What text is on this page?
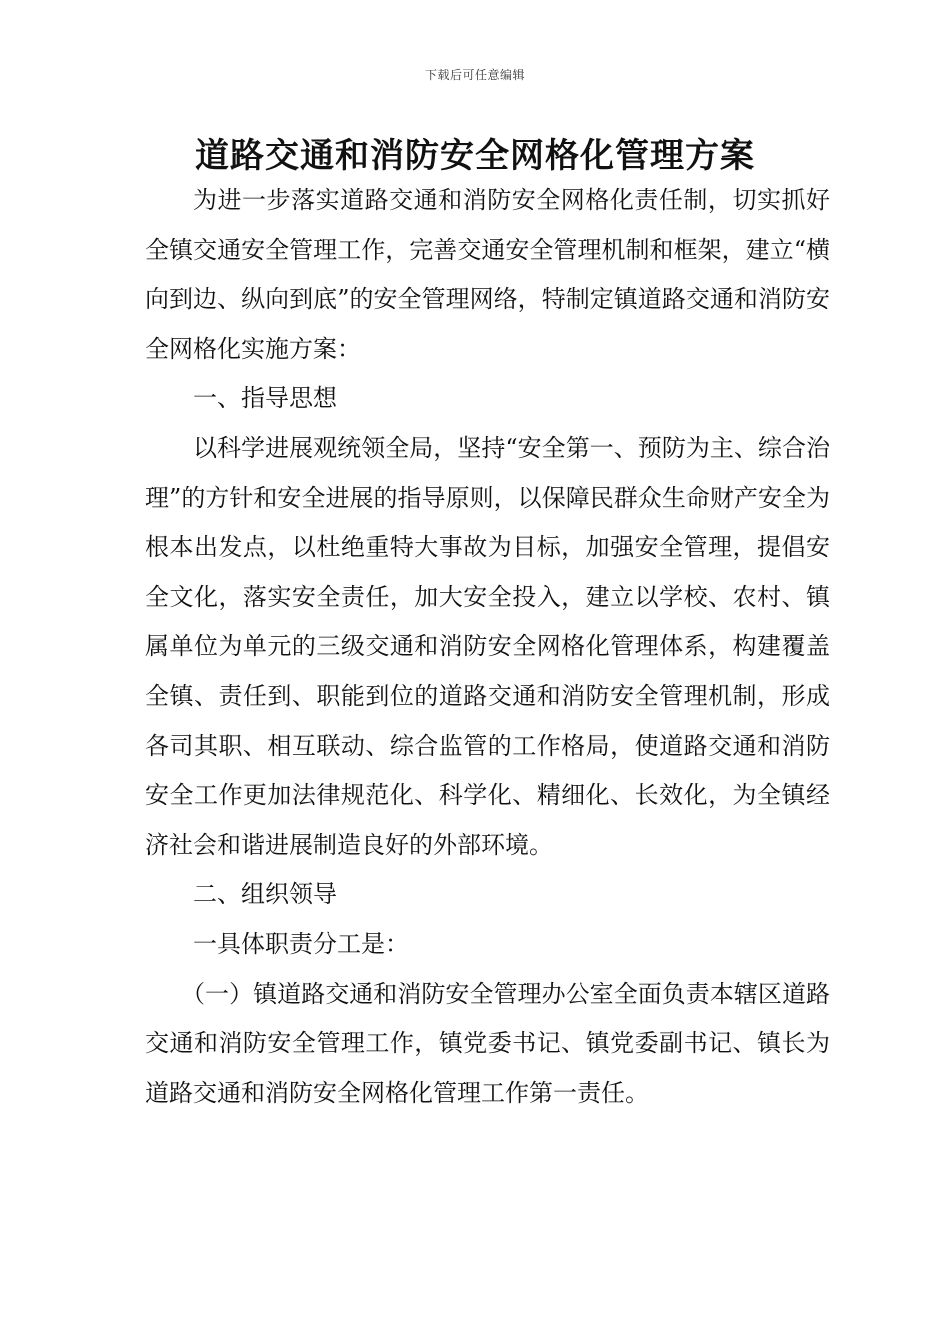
下载后可任意编辑
道路交通和消防安全网格化管理方案

为进一步落实道路交通和消防安全网格化责任制，切实抓好全镇交通安全管理工作，完善交通安全管理机制和框架，建立“横向到边、纵向到底”的安全管理网络，特制定镇道路交通和消防安全网格化实施方案：

一、指导思想

以科学进展观统领全局，坚持“安全第一、预防为主、综合治理”的方针和安全进展的指导原则，以保障民群众生命财产安全为根本出发点，以杜绝重特大事故为目标，加强安全管理，提倡安全文化，落实安全责任，加大安全投入，建立以学校、农村、镇属单位为单元的三级交通和消防安全网格化管理体系，构建覆盖全镇、责任到、职能到位的道路交通和消防安全管理机制，形成各司其职、相互联动、综合监管的工作格局，使道路交通和消防安全工作更加法律规范化、科学化、精细化、长效化，为全镇经济社会和谐进展制造良好的外部环境。

二、组织领导

一具体职责分工是：

（一）镇道路交通和消防安全管理办公室全面负责本辖区道路交通和消防安全管理工作，镇党委书记、镇党委副书记、镇长为道路交通和消防安全网格化管理工作第一责任。
